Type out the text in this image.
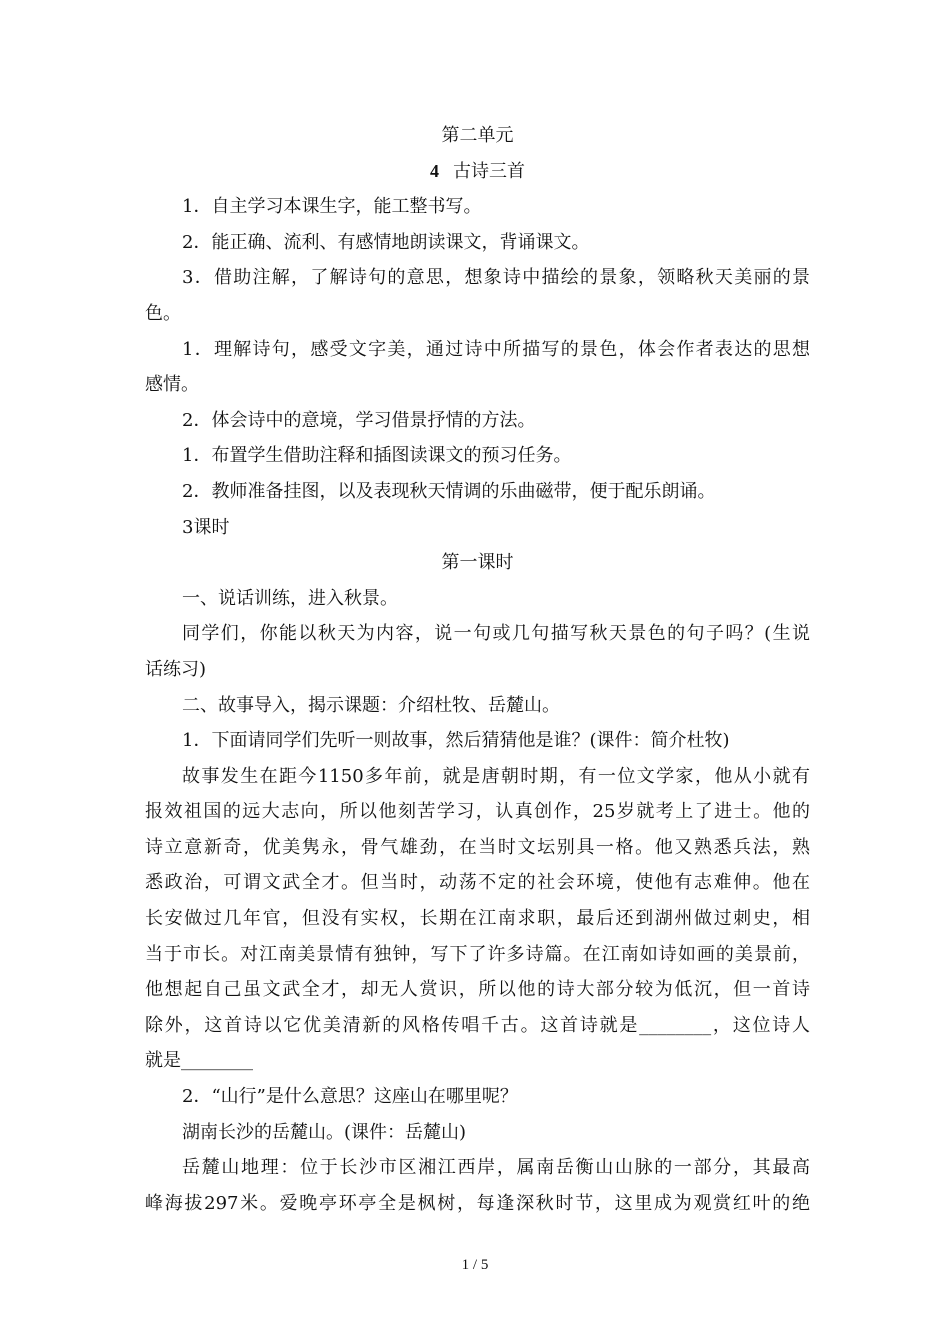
第二单元
4 古诗三首
1．自主学习本课生字，能工整书写。
2．能正确、流利、有感情地朗读课文，背诵课文。
3．借助注解，了解诗句的意思，想象诗中描绘的景象，领略秋天美丽的景
色。
1．理解诗句，感受文字美，通过诗中所描写的景色，体会作者表达的思想
感情。
2．体会诗中的意境，学习借景抒情的方法。
1．布置学生借助注释和插图读课文的预习任务。
2．教师准备挂图，以及表现秋天情调的乐曲磁带，便于配乐朗诵。
3课时
第一课时
一、说话训练，进入秋景。
同学们，你能以秋天为内容，说一句或几句描写秋天景色的句子吗？(生说
话练习)
二、故事导入，揭示课题：介绍杜牧、岳麓山。
1．下面请同学们先听一则故事，然后猜猜他是谁？(课件：简介杜牧)
故事发生在距今1150多年前，就是唐朝时期，有一位文学家，他从小就有
报效祖国的远大志向，所以他刻苦学习，认真创作，25岁就考上了进士。他的
诗立意新奇，优美隽永，骨气雄劲，在当时文坛别具一格。他又熟悉兵法，熟
悉政治，可谓文武全才。但当时，动荡不定的社会环境，使他有志难伸。他在
长安做过几年官，但没有实权，长期在江南求职，最后还到湖州做过刺史，相
当于市长。对江南美景情有独钟，写下了许多诗篇。在江南如诗如画的美景前，
他想起自己虽文武全才，却无人赏识，所以他的诗大部分较为低沉，但一首诗
除外，这首诗以它优美清新的风格传唱千古。这首诗就是________，这位诗人
就是________
2．“山行”是什么意思？这座山在哪里呢？
湖南长沙的岳麓山。(课件：岳麓山)
岳麓山地理：位于长沙市区湘江西岸，属南岳衡山山脉的一部分，其最高
峰海拔297米。爱晚亭环亭全是枫树，每逢深秋时节，这里成为观赏红叶的绝
1 / 5
